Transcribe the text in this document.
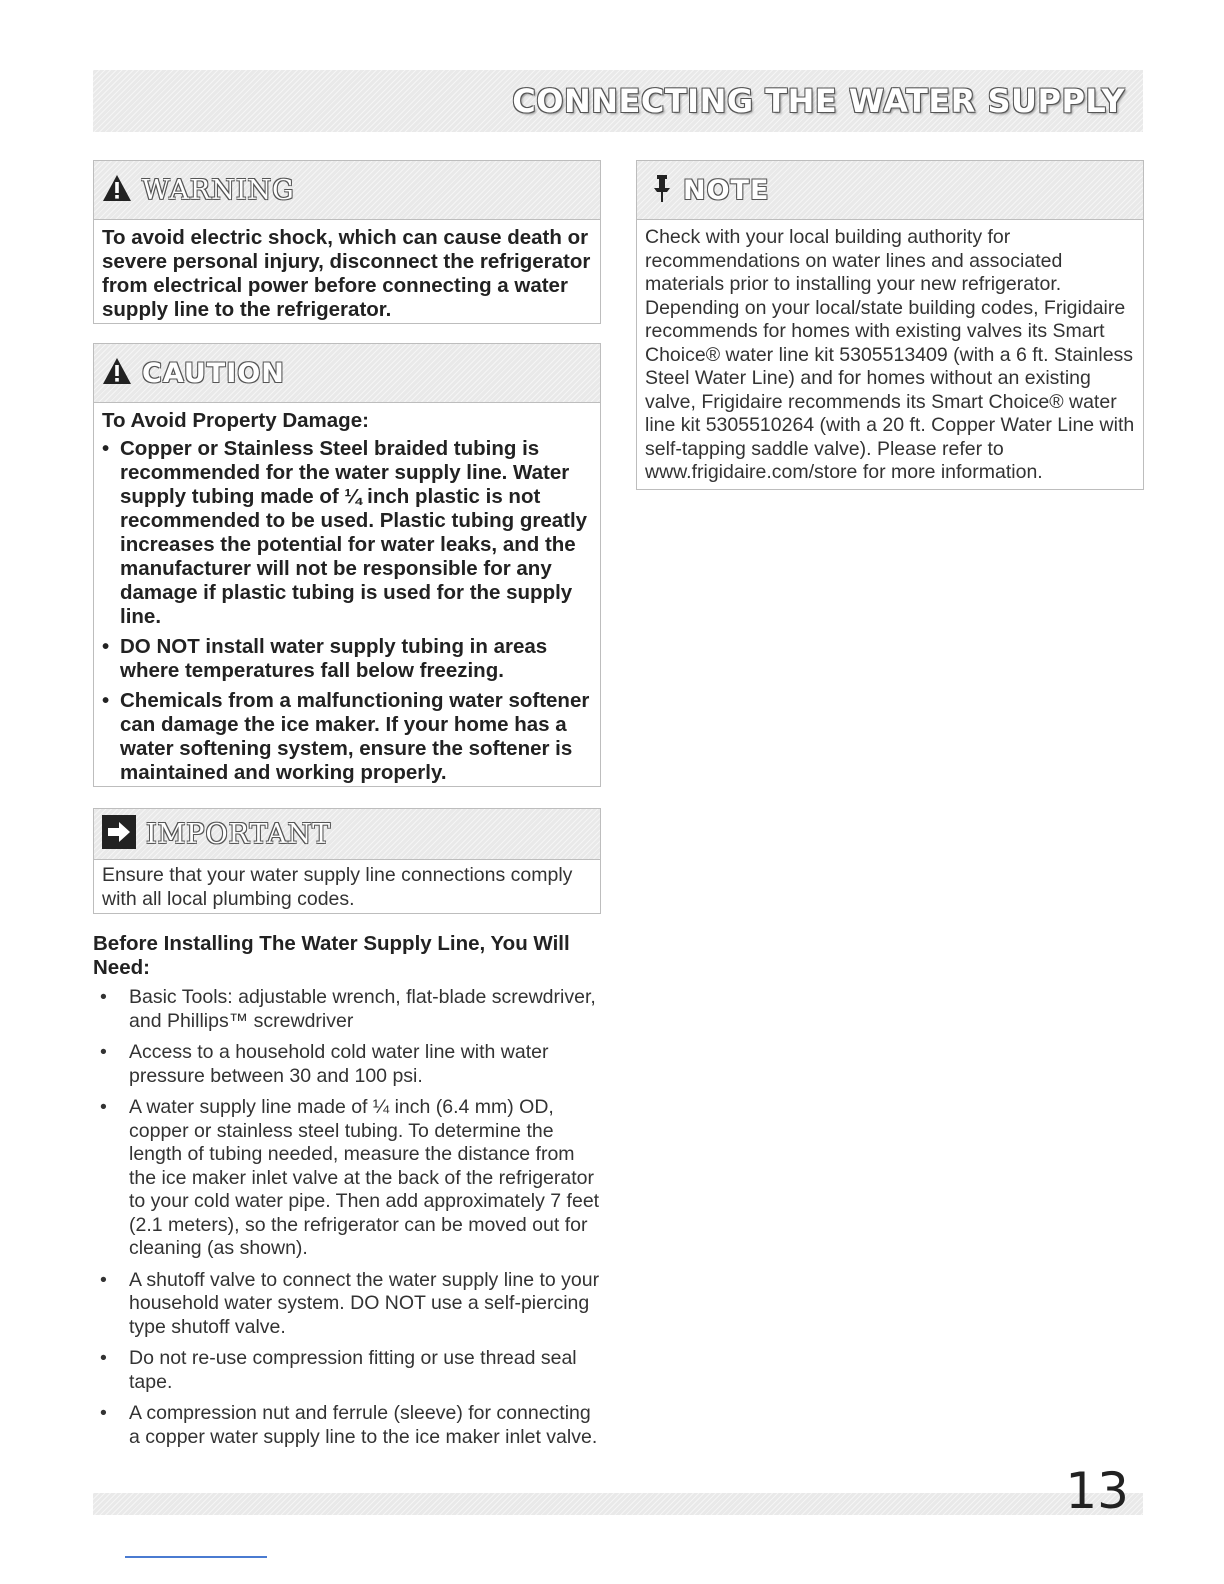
CONNECTING THE WATER SUPPLY
WARNING
To avoid electric shock, which can cause death or severe personal injury, disconnect the refrigerator from electrical power before connecting a water supply line to the refrigerator.
CAUTION
To Avoid Property Damage:
• Copper or Stainless Steel braided tubing is recommended for the water supply line. Water supply tubing made of ¼ inch plastic is not recommended to be used. Plastic tubing greatly increases the potential for water leaks, and the manufacturer will not be responsible for any damage if plastic tubing is used for the supply line.
• DO NOT install water supply tubing in areas where temperatures fall below freezing.
• Chemicals from a malfunctioning water softener can damage the ice maker. If your home has a water softening system, ensure the softener is maintained and working properly.
IMPORTANT
Ensure that your water supply line connections comply with all local plumbing codes.
Before Installing The Water Supply Line, You Will Need:
• Basic Tools: adjustable wrench, flat-blade screwdriver, and Phillips™ screwdriver
• Access to a household cold water line with water pressure between 30 and 100 psi.
• A water supply line made of ¼ inch (6.4 mm) OD, copper or stainless steel tubing. To determine the length of tubing needed, measure the distance from the ice maker inlet valve at the back of the refrigerator to your cold water pipe. Then add approximately 7 feet (2.1 meters), so the refrigerator can be moved out for cleaning (as shown).
• A shutoff valve to connect the water supply line to your household water system. DO NOT use a self-piercing type shutoff valve.
• Do not re-use compression fitting or use thread seal tape.
• A compression nut and ferrule (sleeve) for connecting a copper water supply line to the ice maker inlet valve.
NOTE
Check with your local building authority for recommendations on water lines and associated materials prior to installing your new refrigerator. Depending on your local/state building codes, Frigidaire recommends for homes with existing valves its Smart Choice® water line kit 5305513409 (with a 6 ft. Stainless Steel Water Line) and for homes without an existing valve, Frigidaire recommends its Smart Choice® water line kit 5305510264 (with a 20 ft. Copper Water Line with self-tapping saddle valve). Please refer to www.frigidaire.com/store for more information.
13
